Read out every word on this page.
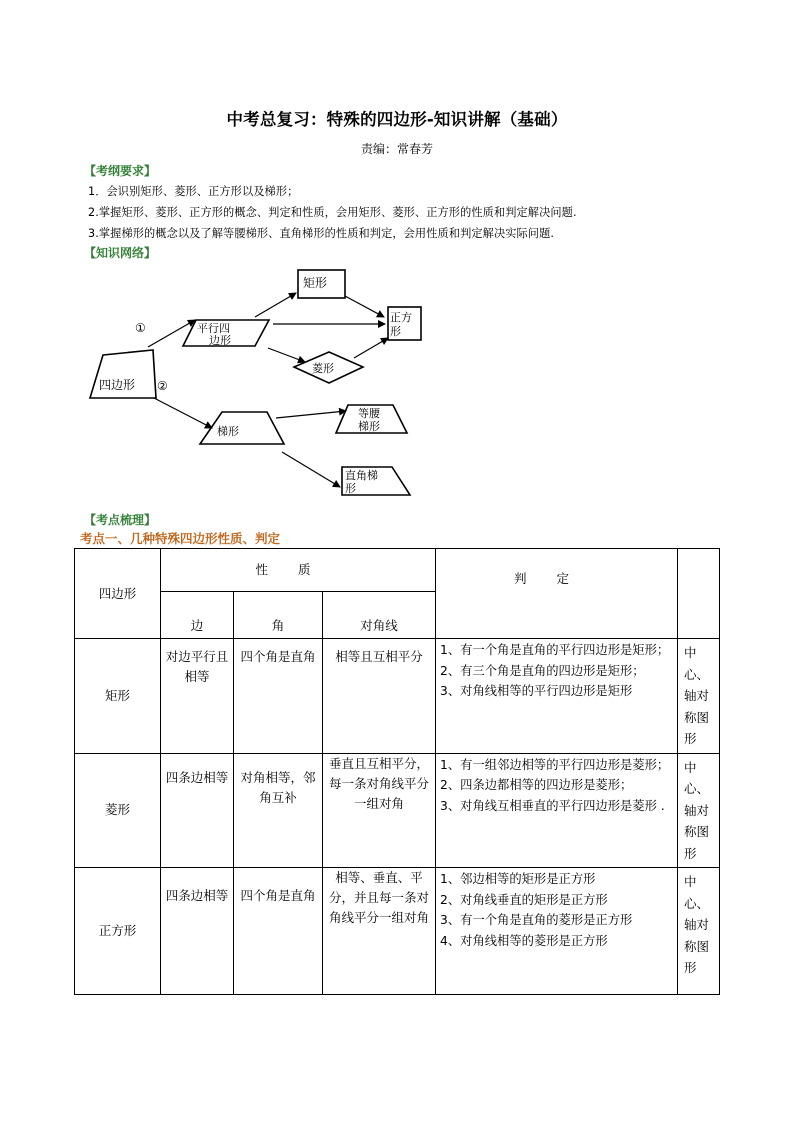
中考总复习：特殊的四边形-知识讲解（基础）
责编：常春芳
【考纲要求】
1．会识别矩形、菱形、正方形以及梯形；
2.掌握矩形、菱形、正方形的概念、判定和性质，会用矩形、菱形、正方形的性质和判定解决问题.
3.掌握梯形的概念以及了解等腰梯形、直角梯形的性质和判定，会用性质和判定解决实际问题.
【知识网络】
①
②
四边形
平行四
边形
矩形
正方
形
菱形
梯形
等腰
梯形
直角梯
形
【考点梳理】
考点一、几种特殊四边形性质、判定
四边形	性质			判定	
	边	角	对角线		
矩形	对边平行且相等	四个角是直角	相等且互相平分	1、有一个角是直角的平行四边形是矩形；
2、有三个角是直角的四边形是矩形；
3、对角线相等的平行四边形是矩形	中心、轴对称图形
菱形	四条边相等	对角相等，邻角互补	垂直且互相平分，每一条对角线平分一组对角	1、有一组邻边相等的平行四边形是菱形；
2、四条边都相等的四边形是菱形；
3、对角线互相垂直的平行四边形是菱形 .	中心、轴对称图形
正方形	四条边相等	四个角是直角	相等、垂直、平分，并且每一条对角线平分一组对角	1、邻边相等的矩形是正方形
2、对角线垂直的矩形是正方形
3、有一个角是直角的菱形是正方形
4、对角线相等的菱形是正方形	中心、轴对称图形
